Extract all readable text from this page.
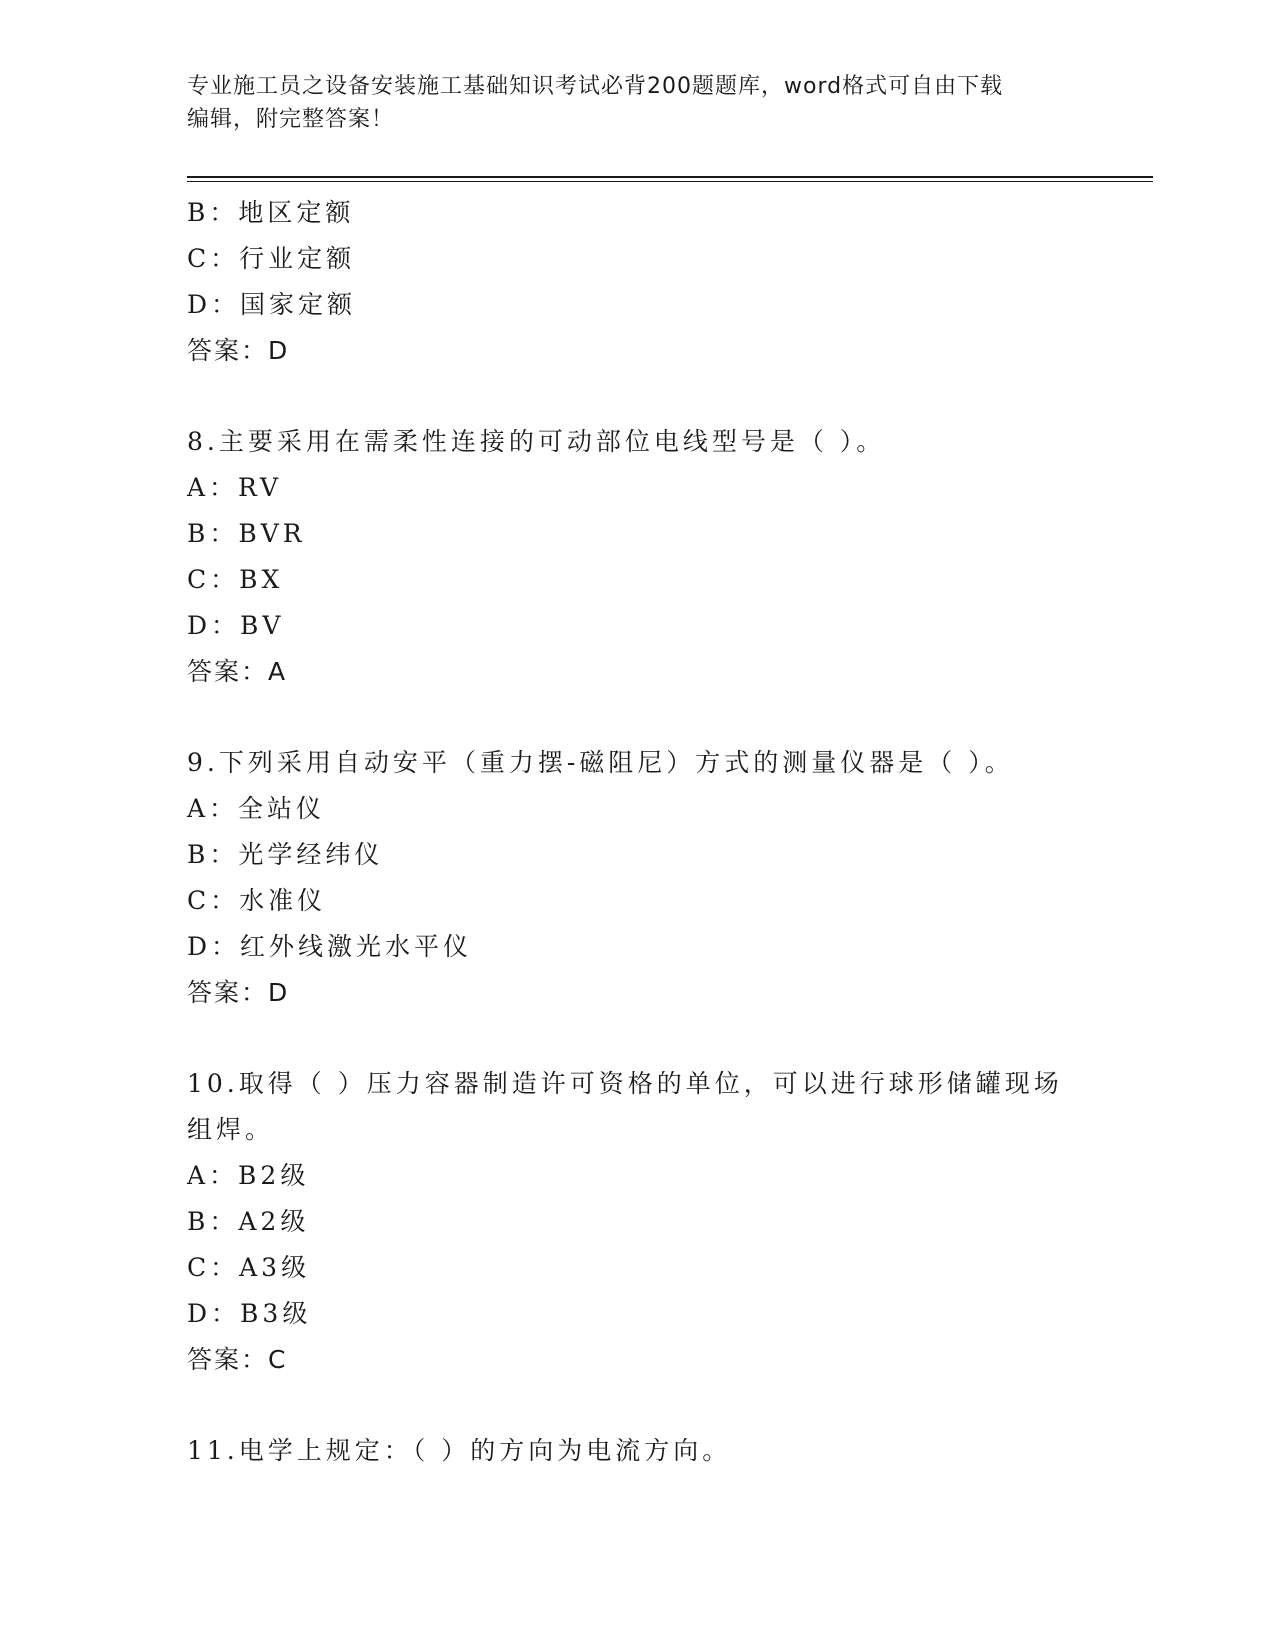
专业施工员之设备安装施工基础知识考试必背200题题库，word格式可自由下载
编辑，附完整答案！
B：地区定额
C：行业定额
D：国家定额
答案：D
8.主要采用在需柔性连接的可动部位电线型号是（ ）。
A：RV
B：BVR
C：BX
D：BV
答案：A
9.下列采用自动安平（重力摆-磁阻尼）方式的测量仪器是（ ）。
A：全站仪
B：光学经纬仪
C：水准仪
D：红外线激光水平仪
答案：D
10.取得（ ）压力容器制造许可资格的单位，可以进行球形储罐现场
组焊。
A：B2级
B：A2级
C：A3级
D：B3级
答案：C
11.电学上规定：（ ）的方向为电流方向。
